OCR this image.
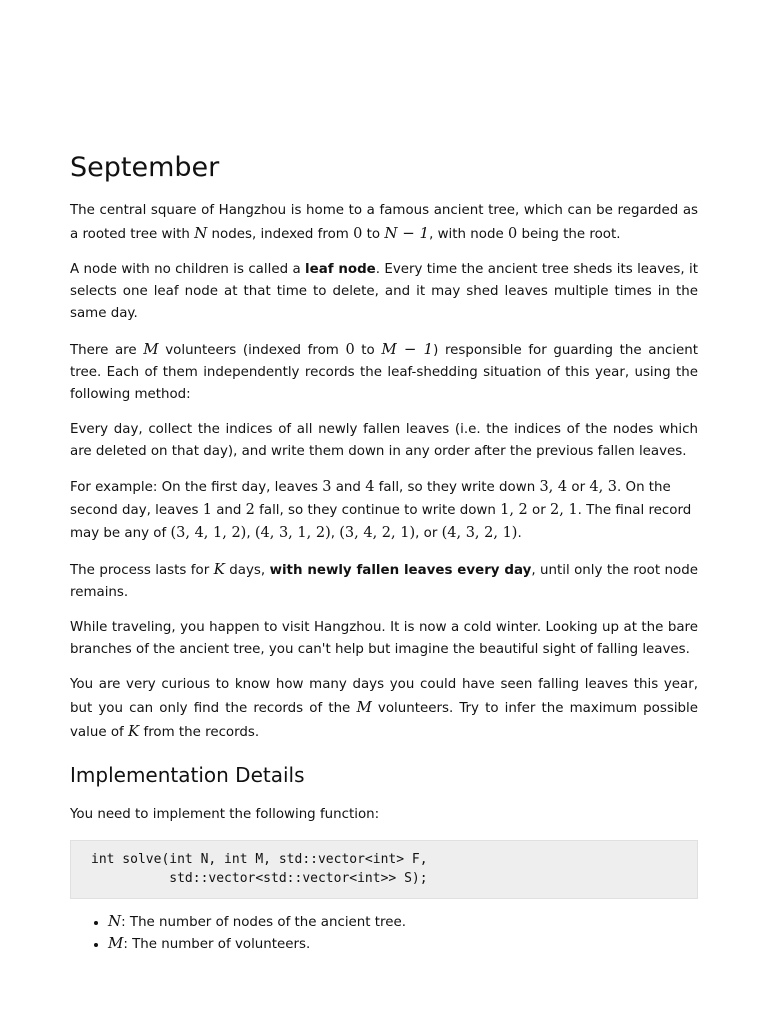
September

The central square of Hangzhou is home to a famous ancient tree, which can be regarded as a rooted tree with N nodes, indexed from 0 to N − 1, with node 0 being the root.

A node with no children is called a leaf node. Every time the ancient tree sheds its leaves, it selects one leaf node at that time to delete, and it may shed leaves multiple times in the same day.

There are M volunteers (indexed from 0 to M − 1) responsible for guarding the ancient tree. Each of them independently records the leaf-shedding situation of this year, using the following method:

Every day, collect the indices of all newly fallen leaves (i.e. the indices of the nodes which are deleted on that day), and write them down in any order after the previous fallen leaves.

For example: On the first day, leaves 3 and 4 fall, so they write down 3, 4 or 4, 3. On the second day, leaves 1 and 2 fall, so they continue to write down 1, 2 or 2, 1. The final record may be any of (3, 4, 1, 2), (4, 3, 1, 2), (3, 4, 2, 1), or (4, 3, 2, 1).

The process lasts for K days, with newly fallen leaves every day, until only the root node remains.

While traveling, you happen to visit Hangzhou. It is now a cold winter. Looking up at the bare branches of the ancient tree, you can't help but imagine the beautiful sight of falling leaves.

You are very curious to know how many days you could have seen falling leaves this year, but you can only find the records of the M volunteers. Try to infer the maximum possible value of K from the records.

Implementation Details

You need to implement the following function:

int solve(int N, int M, std::vector<int> F,
std::vector<std::vector<int>> S);
• N: The number of nodes of the ancient tree.
• M: The number of volunteers.
